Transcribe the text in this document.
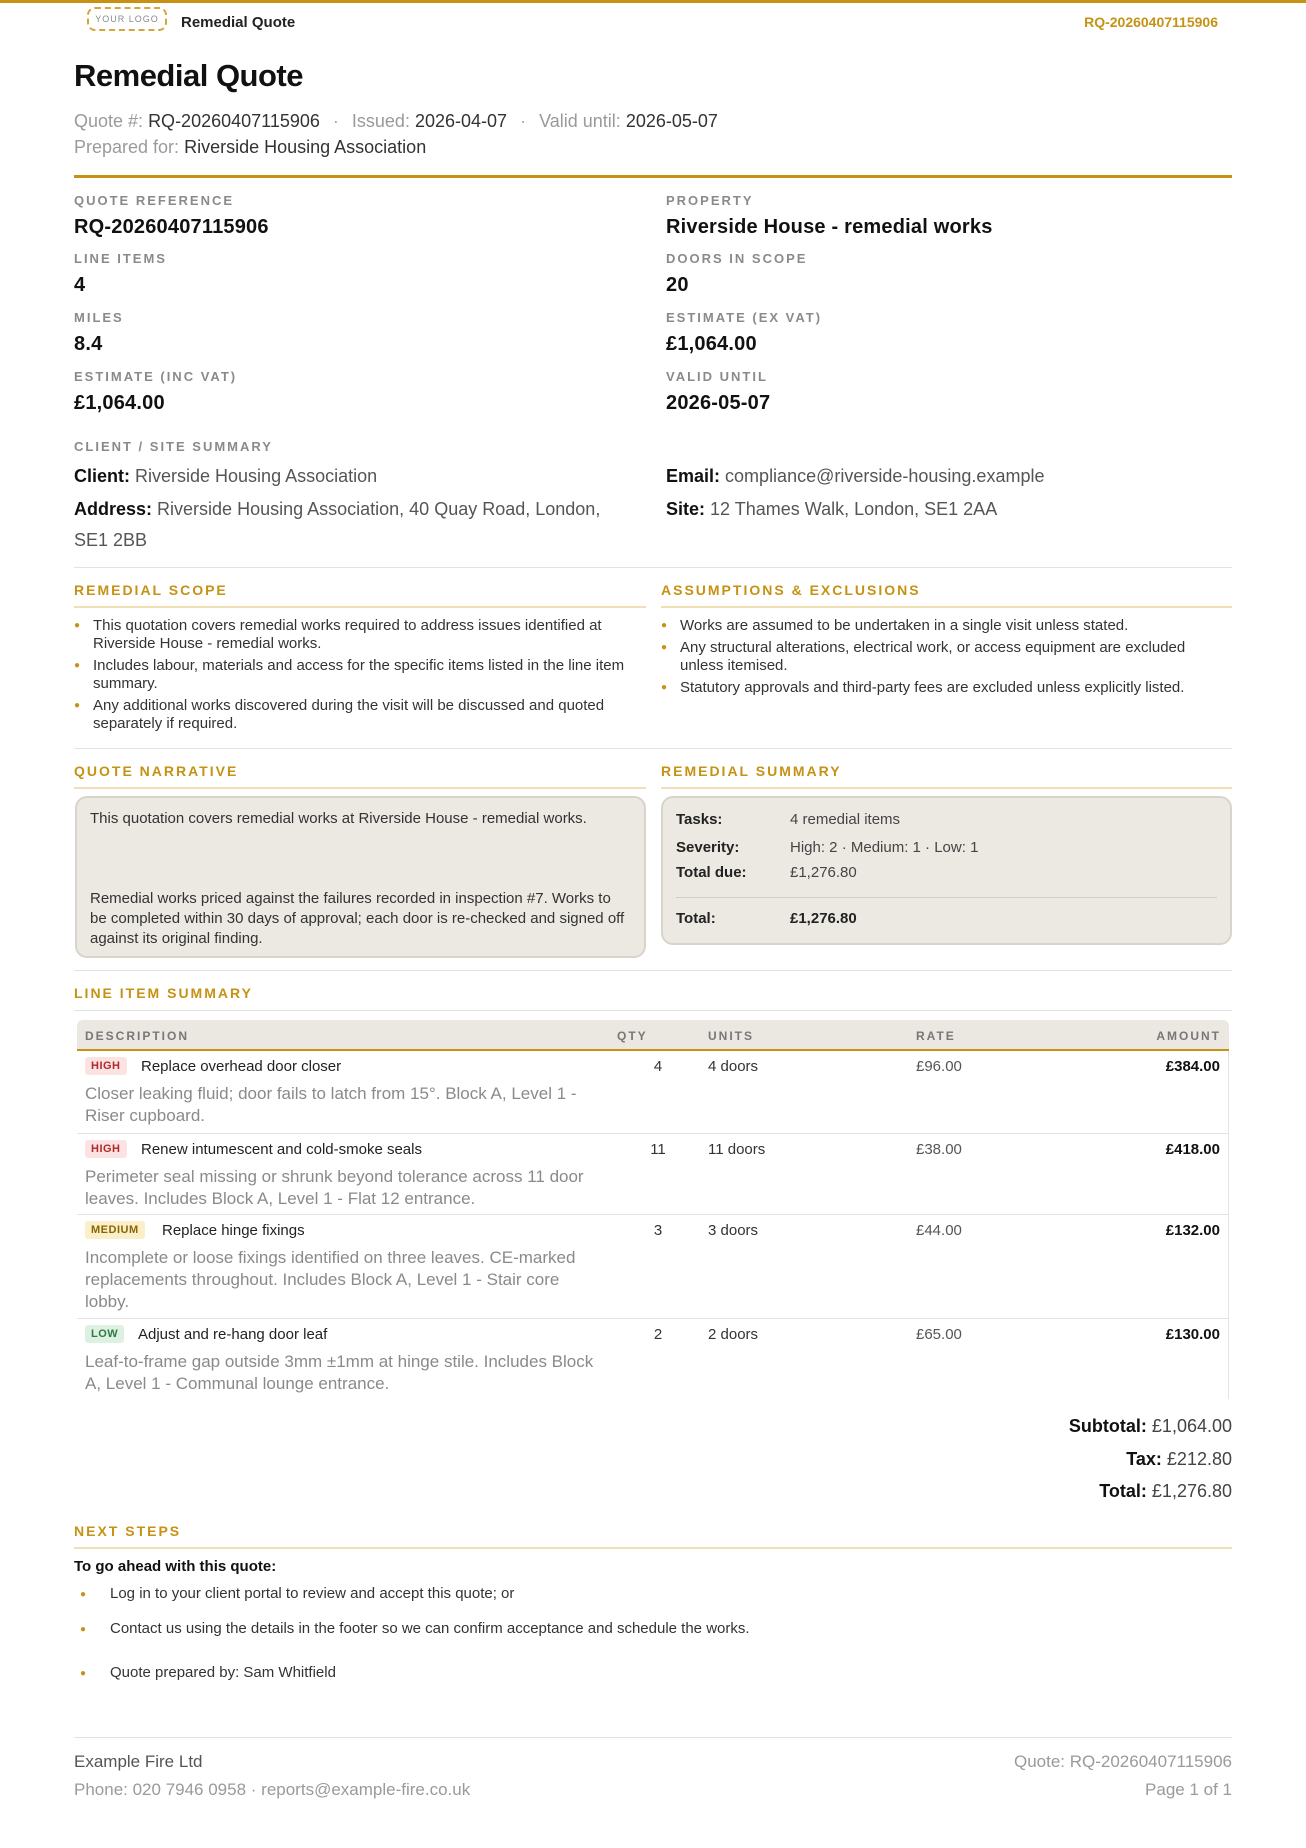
YOUR LOGO	Remedial Quote	RQ-20260407115906
Remedial Quote
Quote #: RQ-20260407115906 · Issued: 2026-04-07 · Valid until: 2026-05-07
Prepared for: Riverside Housing Association
QUOTE REFERENCE
RQ-20260407115906
PROPERTY
Riverside House - remedial works
LINE ITEMS
4
DOORS IN SCOPE
20
MILES
8.4
ESTIMATE (EX VAT)
£1,064.00
ESTIMATE (INC VAT)
£1,064.00
VALID UNTIL
2026-05-07
CLIENT / SITE SUMMARY
Client: Riverside Housing Association
Address: Riverside Housing Association, 40 Quay Road, London, SE1 2BB
Email: compliance@riverside-housing.example
Site: 12 Thames Walk, London, SE1 2AA
REMEDIAL SCOPE
● This quotation covers remedial works required to address issues identified at Riverside House - remedial works.
● Includes labour, materials and access for the specific items listed in the line item summary.
● Any additional works discovered during the visit will be discussed and quoted separately if required.
ASSUMPTIONS & EXCLUSIONS
● Works are assumed to be undertaken in a single visit unless stated.
● Any structural alterations, electrical work, or access equipment are excluded unless itemised.
● Statutory approvals and third-party fees are excluded unless explicitly listed.
QUOTE NARRATIVE
This quotation covers remedial works at Riverside House - remedial works.
Remedial works priced against the failures recorded in inspection #7. Works to be completed within 30 days of approval; each door is re-checked and signed off against its original finding.
REMEDIAL SUMMARY
Tasks:	4 remedial items
Severity:	High: 2 · Medium: 1 · Low: 1
Total due:	£1,276.80
Total:	£1,276.80
LINE ITEM SUMMARY
DESCRIPTION	QTY	UNITS	RATE	AMOUNT
HIGH	Replace overhead door closer
Closer leaking fluid; door fails to latch from 15°. Block A, Level 1 - Riser cupboard.
4	4 doors	£96.00	£384.00
HIGH	Renew intumescent and cold-smoke seals
Perimeter seal missing or shrunk beyond tolerance across 11 door leaves. Includes Block A, Level 1 - Flat 12 entrance.
11	11 doors	£38.00	£418.00
MEDIUM	Replace hinge fixings
Incomplete or loose fixings identified on three leaves. CE-marked replacements throughout. Includes Block A, Level 1 - Stair core lobby.
3	3 doors	£44.00	£132.00
LOW	Adjust and re-hang door leaf
Leaf-to-frame gap outside 3mm ±1mm at hinge stile. Includes Block A, Level 1 - Communal lounge entrance.
2	2 doors	£65.00	£130.00
Subtotal: £1,064.00
Tax: £212.80
Total: £1,276.80
NEXT STEPS
To go ahead with this quote:
● Log in to your client portal to review and accept this quote; or
● Contact us using the details in the footer so we can confirm acceptance and schedule the works.
● Quote prepared by: Sam Whitfield
Example Fire Ltd
Phone: 020 7946 0958 · reports@example-fire.co.uk
Quote: RQ-20260407115906
Page 1 of 1
